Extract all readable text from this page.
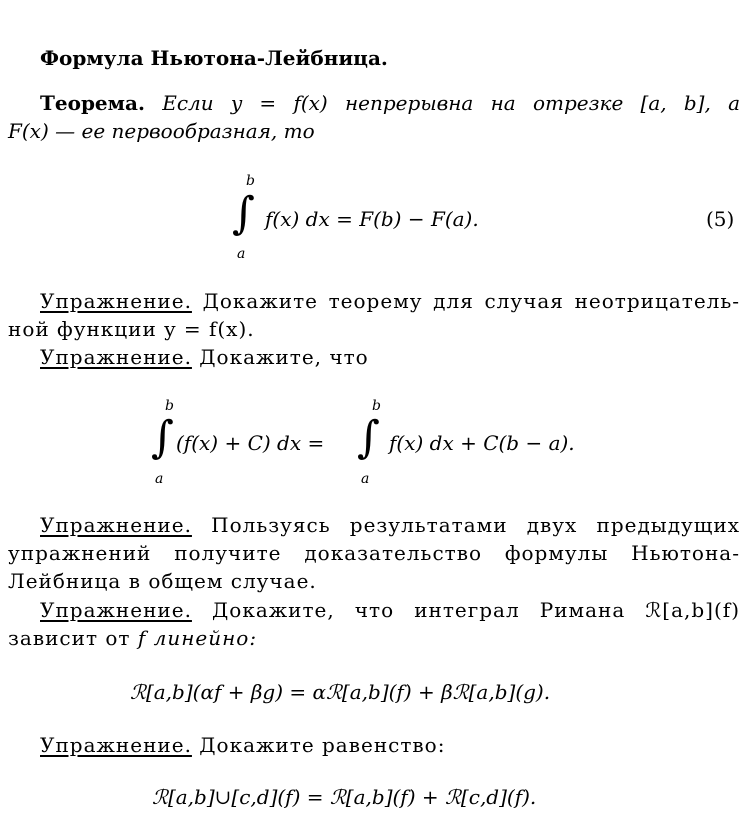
Формула Ньютона-Лейбница.
Теорема. Если y = f(x) непрерывна на отрезке [a, b], а
F(x) — ее первообразная, то
b
∫
a
f(x) dx = F(b) − F(a).	(5)
Упражнение. Докажите теорему для случая неотрицатель-
ной функции y = f(x).
Упражнение. Докажите, что
b
∫
a
(f(x) + C) dx =
b
∫
a
f(x) dx + C(b − a).
Упражнение. Пользуясь результатами двух предыдущих
упражнений получите доказательство формулы Ньютона-
Лейбница в общем случае.
Упражнение. Докажите, что интеграл Римана ℛ[a,b](f)
зависит от f линейно:
ℛ[a,b](αf + βg) = αℛ[a,b](f) + βℛ[a,b](g).
Упражнение. Докажите равенство:
ℛ[a,b]∪[c,d](f) = ℛ[a,b](f) + ℛ[c,d](f).
